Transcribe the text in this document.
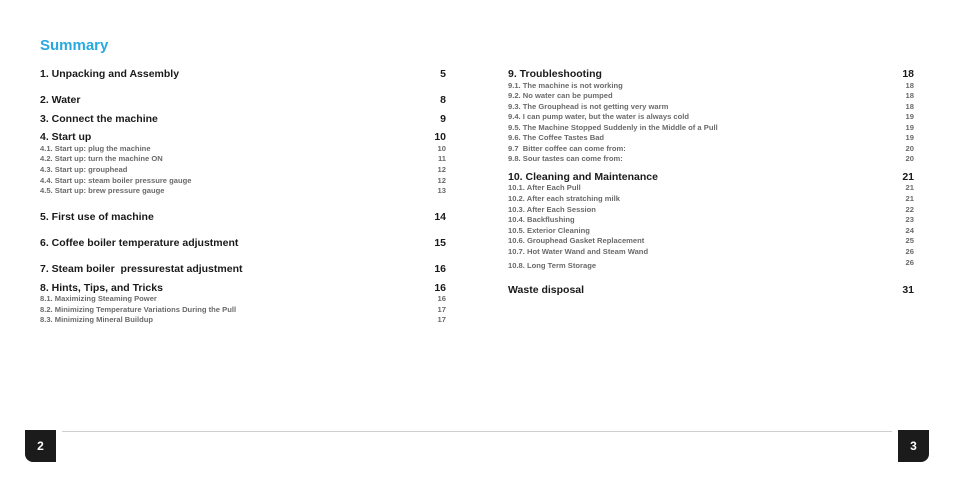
Summary
1. Unpacking and Assembly	5
2. Water	8
3. Connect the machine	9
4. Start up	10
4.1. Start up: plug the machine	10
4.2. Start up: turn the machine ON	11
4.3. Start up: grouphead	12
4.4. Start up: steam boiler pressure gauge	12
4.5. Start up: brew pressure gauge	13
5. First use of machine	14
6. Coffee boiler temperature adjustment	15
7. Steam boiler  pressurestat adjustment	16
8. Hints, Tips, and Tricks	16
8.1. Maximizing Steaming Power	16
8.2. Minimizing Temperature Variations During the Pull	17
8.3. Minimizing Mineral Buildup	17
9. Troubleshooting	18
9.1. The machine is not working	18
9.2. No water can be pumped	18
9.3. The Grouphead is not getting very warm	18
9.4. I can pump water, but the water is always cold	19
9.5. The Machine Stopped Suddenly in the Middle of a Pull	19
9.6. The Coffee Tastes Bad	19
9.7  Bitter coffee can come from:	20
9.8. Sour tastes can come from:	20
10. Cleaning and Maintenance	21
10.1. After Each Pull	21
10.2. After each stratching milk	21
10.3. After Each Session	22
10.4. Backflushing	23
10.5. Exterior Cleaning	24
10.6. Grouphead Gasket Replacement	25
10.7. Hot Water Wand and Steam Wand	26
10.8. Long Term Storage	26
Waste disposal	31
2	3
